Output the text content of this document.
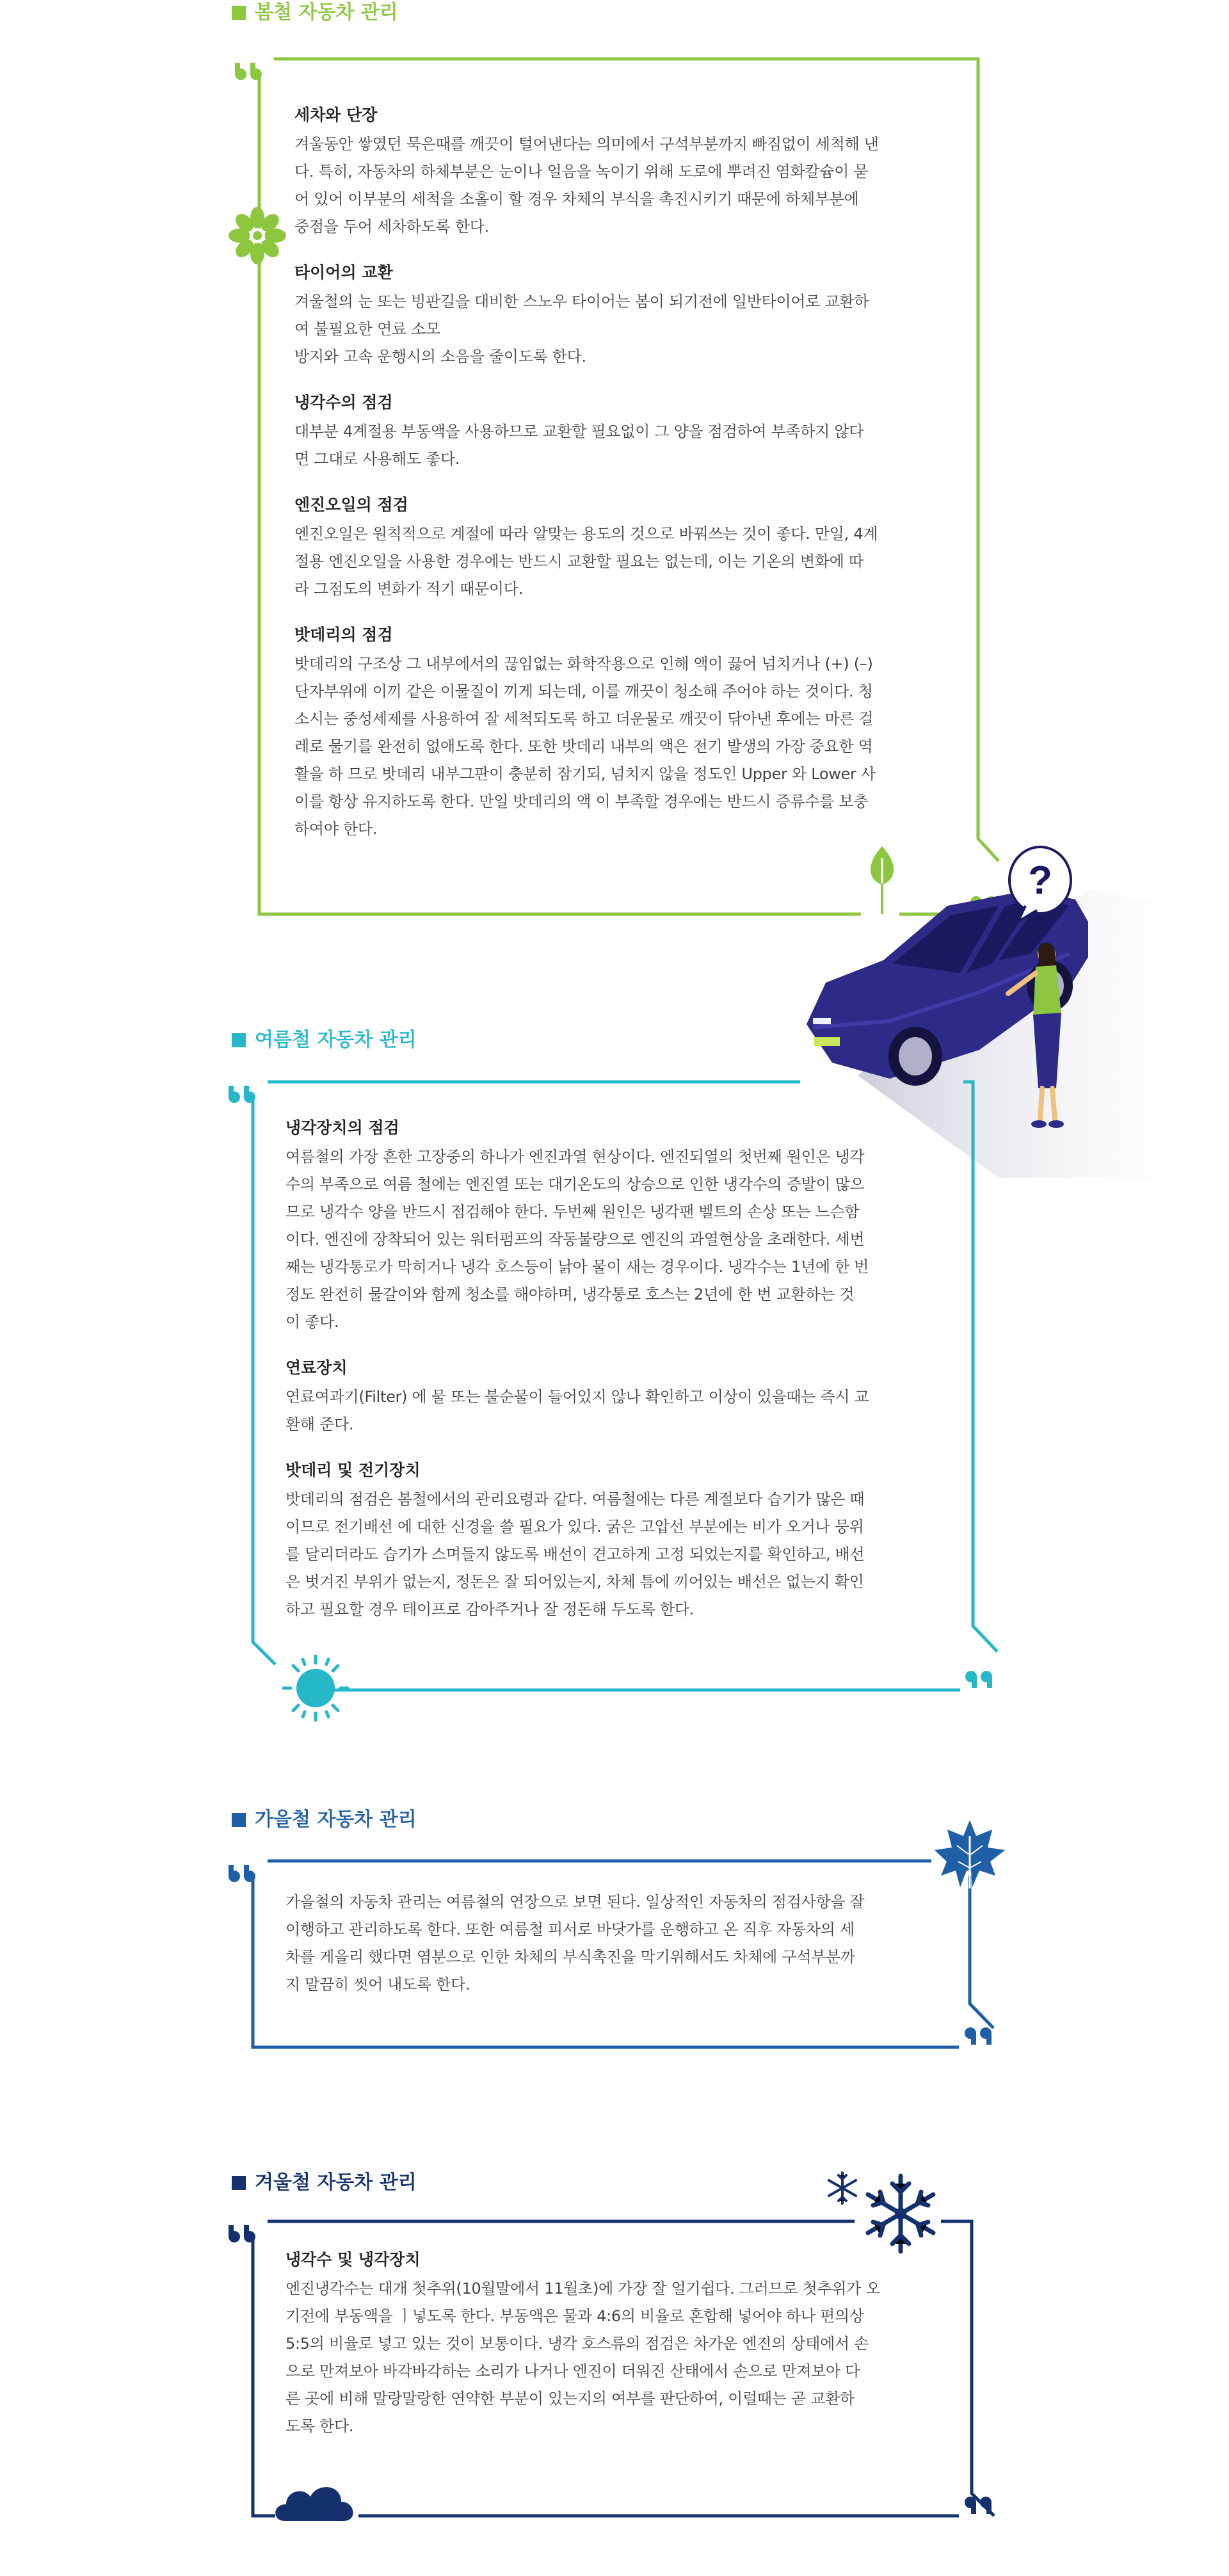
봄철 자동차 관리
세차와 단장

겨울동안 쌓였던 묵은때를 깨끗이 털어낸다는 의미에서 구석부분까지 빠짐없이 세척해 낸
다. 특히, 자동차의 하체부분은 눈이나 얼음을 녹이기 위해 도로에 뿌려진 염화칼슘이 묻
어 있어 이부분의 세척을 소홀이 할 경우 차체의 부식을 촉진시키기 때문에 하체부분에
중점을 두어 세차하도록 한다.

타이어의 교환

겨울철의 눈 또는 빙판길을 대비한 스노우 타이어는 봄이 되기전에 일반타이어로 교환하
여 불필요한 연료 소모
방지와 고속 운행시의 소음을 줄이도록 한다.

냉각수의 점검

대부분 4계절용 부동액을 사용하므로 교환할 필요없이 그 양을 점검하여 부족하지 않다
면 그대로 사용해도 좋다.

엔진오일의 점검

엔진오일은 원칙적으로 계절에 따라 알맞는 용도의 것으로 바꿔쓰는 것이 좋다. 만일, 4계
절용 엔진오일을 사용한 경우에는 반드시 교환할 필요는 없는데, 이는 기온의 변화에 따
라 그점도의 변화가 적기 때문이다.

밧데리의 점검

밧데리의 구조상 그 내부에서의 끊임없는 화학작용으로 인해 액이 끓어 넘치거나 (+) (–)
단자부위에 이끼 같은 이물질이 끼게 되는데, 이를 깨끗이 청소해 주어야 하는 것이다. 청
소시는 중성세제를 사용하여 잘 세척되도록 하고 더운물로 깨끗이 닦아낸 후에는 마른 걸
레로 물기를 완전히 없애도록 한다. 또한 밧데리 내부의 액은 전기 발생의 가장 중요한 역
활을 하 므로 밧데리 내부그판이 충분히 잠기되, 넘치지 않을 정도인 Upper 와 Lower 사
이를 항상 유지하도록 한다. 만일 밧데리의 액 이 부족할 경우에는 반드시 증류수를 보충
하여야 한다.

?
여름철 자동차 관리
냉각장치의 점검

여름철의 가장 흔한 고장중의 하나가 엔진과열 현상이다. 엔진되열의 첫번째 원인은 냉각
수의 부족으로 여름 철에는 엔진열 또는 대기온도의 상승으로 인한 냉각수의 증발이 많으
므로 냉각수 양을 반드시 점검해야 한다. 두번째 원인은 냉각팬 벨트의 손상 또는 느슨함
이다. 엔진에 장착되어 있는 워터펌프의 작동불량으로 엔진의 과열현상을 초래한다. 세번
째는 냉각통로가 막히거나 냉각 호스등이 낡아 물이 새는 경우이다. 냉각수는 1년에 한 번
정도 완전히 물갈이와 함께 청소를 해야하며, 냉각통로 호스는 2년에 한 번 교환하는 것
이 좋다.

연료장치

연료여과기(Filter) 에 물 또는 불순물이 들어있지 않나 확인하고 이상이 있을때는 즉시 교
환해 준다.

밧데리 및 전기장치

밧데리의 점검은 봄철에서의 관리요령과 같다. 여름철에는 다른 계절보다 습기가 많은 때
이므로 전기배선 에 대한 신경을 쓸 필요가 있다. 굵은 고압선 부분에는 비가 오거나 뭉위
를 달리더라도 습기가 스며들지 않도록 배선이 견고하게 고정 되었는지를 확인하고, 배선
은 벗겨진 부위가 없는지, 정돈은 잘 되어있는지, 차체 틈에 끼어있는 배선은 없는지 확인
하고 필요할 경우 테이프로 감아주거나 잘 정돈해 두도록 한다.

가을철 자동차 관리

가을철의 자동차 관리는 여름철의 연장으로 보면 된다. 일상적인 자동차의 점검사항을 잘
이행하고 관리하도록 한다. 또한 여름철 피서로 바닷가를 운행하고 온 직후 자동차의 세
차를 게을리 했다면 염분으로 인한 차체의 부식촉진을 막기위해서도 차체에 구석부분까
지 말끔히 씻어 내도록 한다.

겨울철 자동차 관리
냉각수 및 냉각장치

엔진냉각수는 대개 첫추위(10월말에서 11월초)에 가장 잘 얼기쉽다. 그러므로 첫추위가 오
기전에 부동액을 ㅣ넣도록 한다. 부동액은 물과 4:6의 비율로 혼합해 넣어야 하나 편의상
5:5의 비율로 넣고 있는 것이 보통이다. 냉각 호스류의 점검은 차가운 엔진의 상태에서 손
으로 만져보아 바각바각하는 소리가 나거나 엔진이 더워진 산태에서 손으로 만져보아 다
른 곳에 비해 말랑말랑한 연약한 부분이 있는지의 여부를 판단하여, 이럴때는 곧 교환하
도록 한다.
